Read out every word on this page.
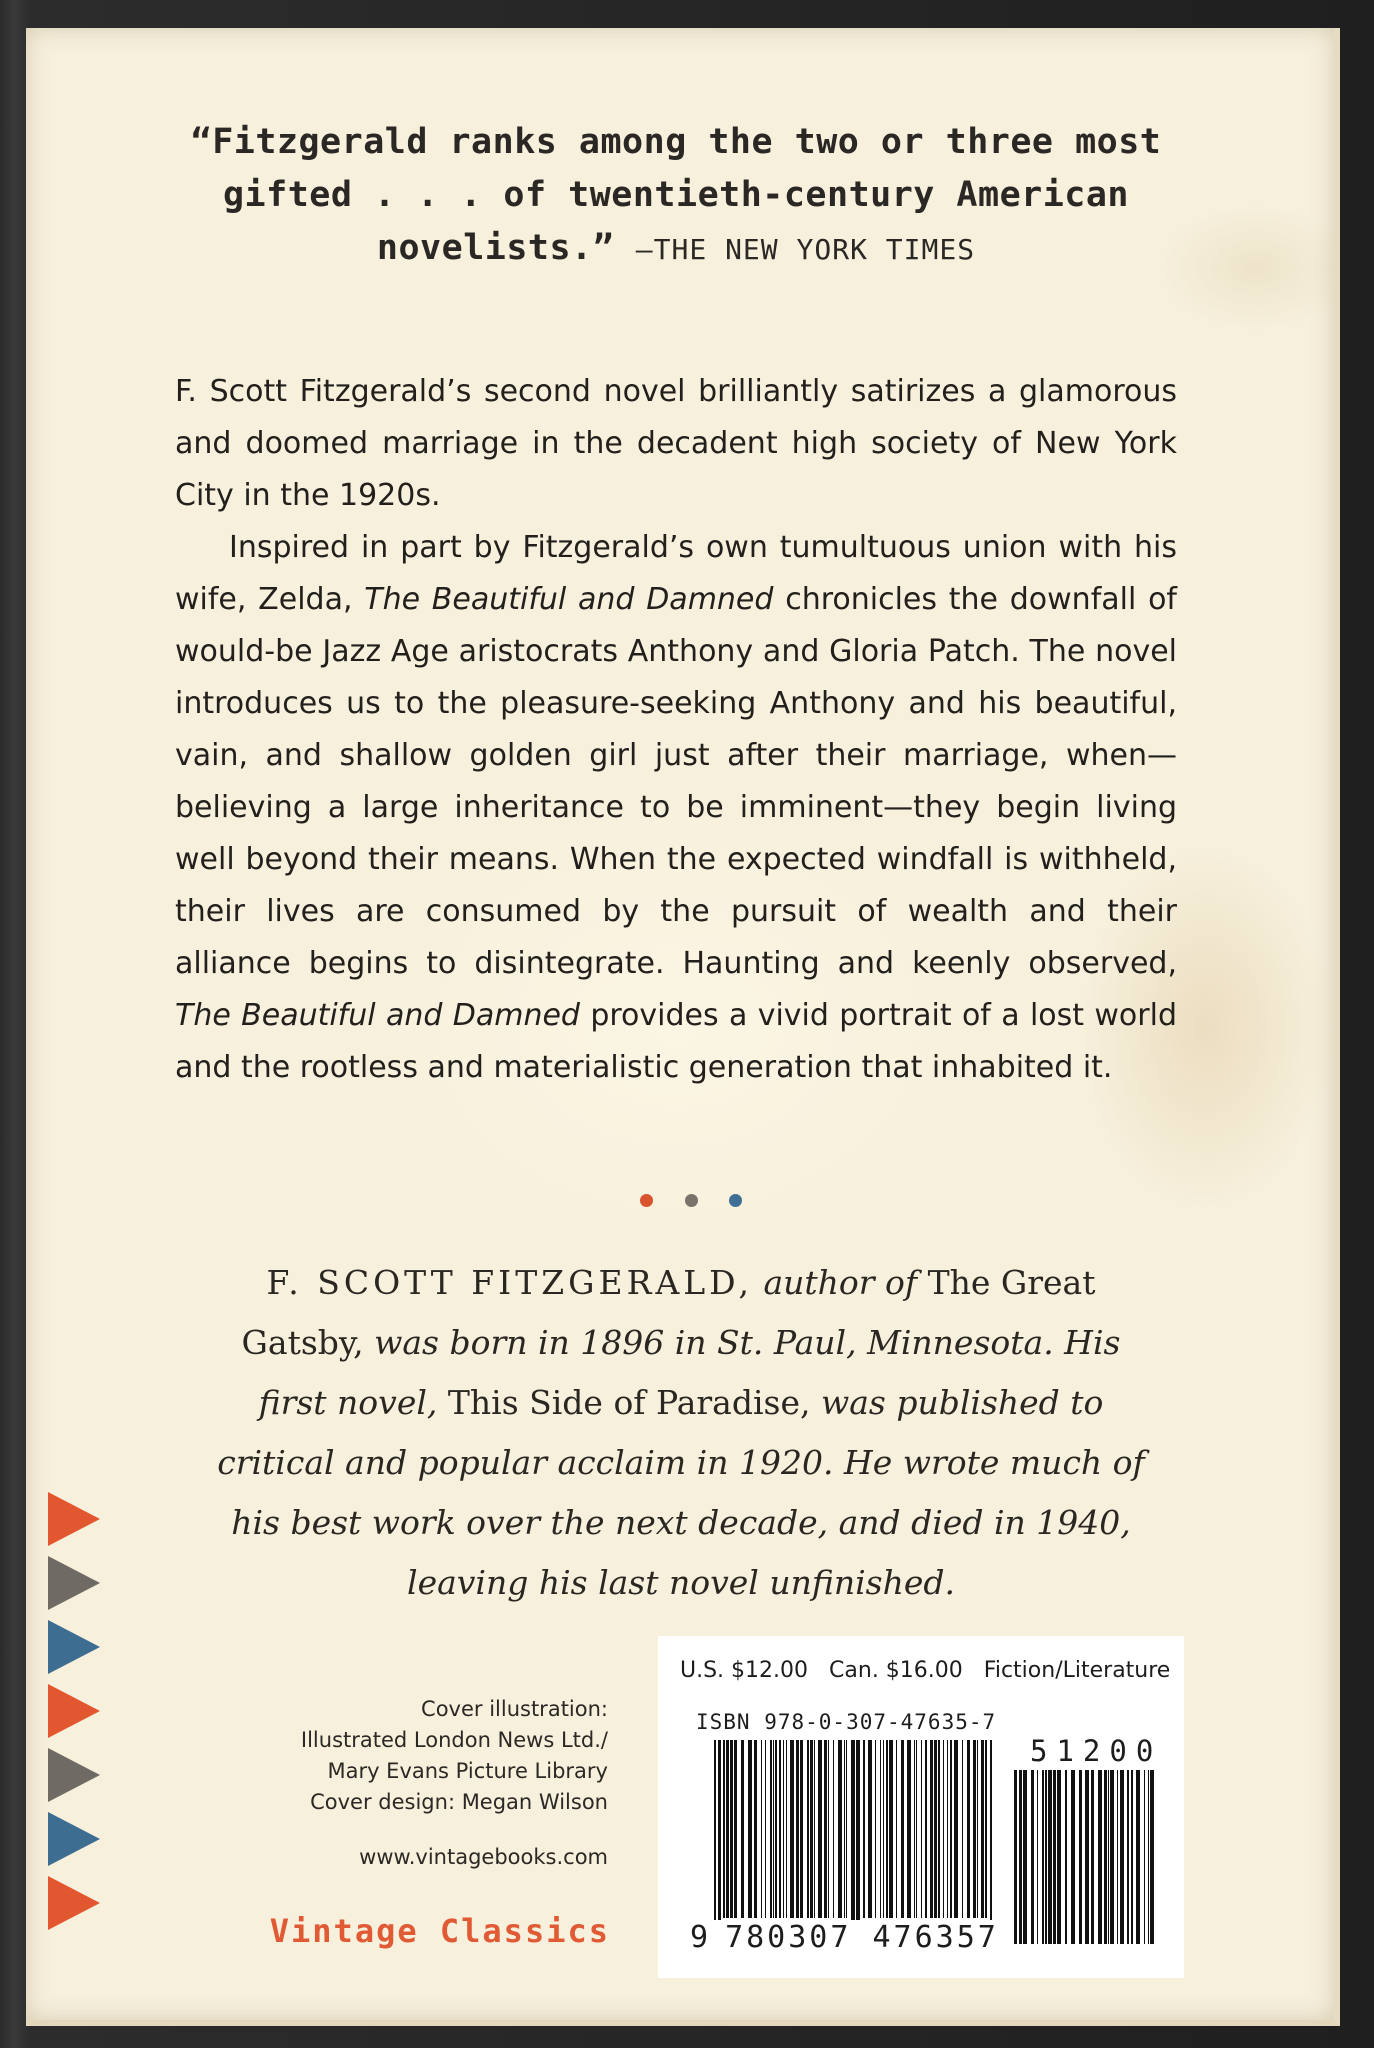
“Fitzgerald ranks among the two or three most gifted . . . of twentieth-century American novelists.” —THE NEW YORK TIMES

F. Scott Fitzgerald’s second novel brilliantly satirizes a glamorous and doomed marriage in the decadent high society of New York City in the 1920s.

Inspired in part by Fitzgerald’s own tumultuous union with his wife, Zelda, The Beautiful and Damned chronicles the downfall of would-be Jazz Age aristocrats Anthony and Gloria Patch. The novel introduces us to the pleasure-seeking Anthony and his beautiful, vain, and shallow golden girl just after their marriage, when—believing a large inheritance to be imminent—they begin living well beyond their means. When the expected windfall is withheld, their lives are consumed by the pursuit of wealth and their alliance begins to disintegrate. Haunting and keenly observed, The Beautiful and Damned provides a vivid portrait of a lost world and the rootless and materialistic generation that inhabited it.

F. SCOTT FITZGERALD, author of The Great Gatsby, was born in 1896 in St. Paul, Minnesota. His first novel, This Side of Paradise, was published to critical and popular acclaim in 1920. He wrote much of his best work over the next decade, and died in 1940, leaving his last novel unfinished.
Cover illustration:
Illustrated London News Ltd./
Mary Evans Picture Library
Cover design: Megan Wilson
www.vintagebooks.com
Vintage Classics
U.S. $12.00 Can. $16.00 Fiction/Literature
ISBN 978-0-307-47635-7
51200
9 780307 476357
